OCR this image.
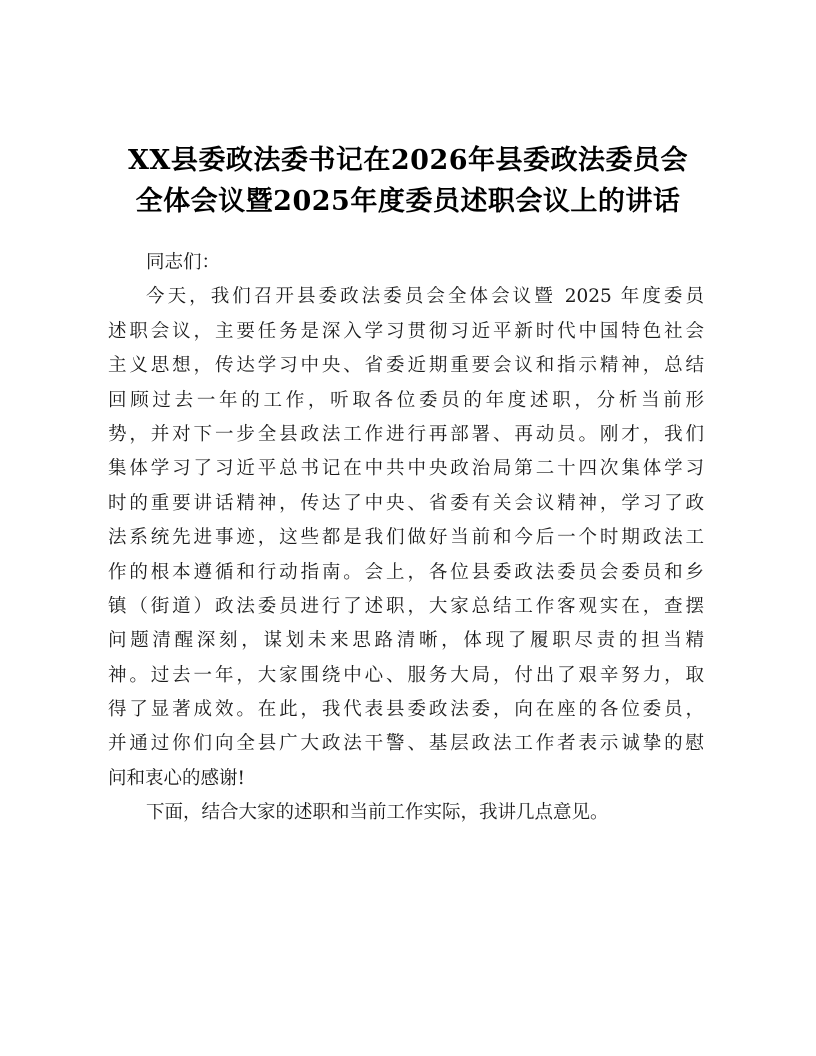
XX县委政法委书记在2026年县委政法委员会
全体会议暨2025年度委员述职会议上的讲话
同志们：
今天，我们召开县委政法委员会全体会议暨 2025 年度委员
述职会议，主要任务是深入学习贯彻习近平新时代中国特色社会
主义思想，传达学习中央、省委近期重要会议和指示精神，总结
回顾过去一年的工作，听取各位委员的年度述职，分析当前形
势，并对下一步全县政法工作进行再部署、再动员。刚才，我们
集体学习了习近平总书记在中共中央政治局第二十四次集体学习
时的重要讲话精神，传达了中央、省委有关会议精神，学习了政
法系统先进事迹，这些都是我们做好当前和今后一个时期政法工
作的根本遵循和行动指南。会上，各位县委政法委员会委员和乡
镇（街道）政法委员进行了述职，大家总结工作客观实在，查摆
问题清醒深刻，谋划未来思路清晰，体现了履职尽责的担当精
神。过去一年，大家围绕中心、服务大局，付出了艰辛努力，取
得了显著成效。在此，我代表县委政法委，向在座的各位委员，
并通过你们向全县广大政法干警、基层政法工作者表示诚挚的慰
问和衷心的感谢!
下面，结合大家的述职和当前工作实际，我讲几点意见。
